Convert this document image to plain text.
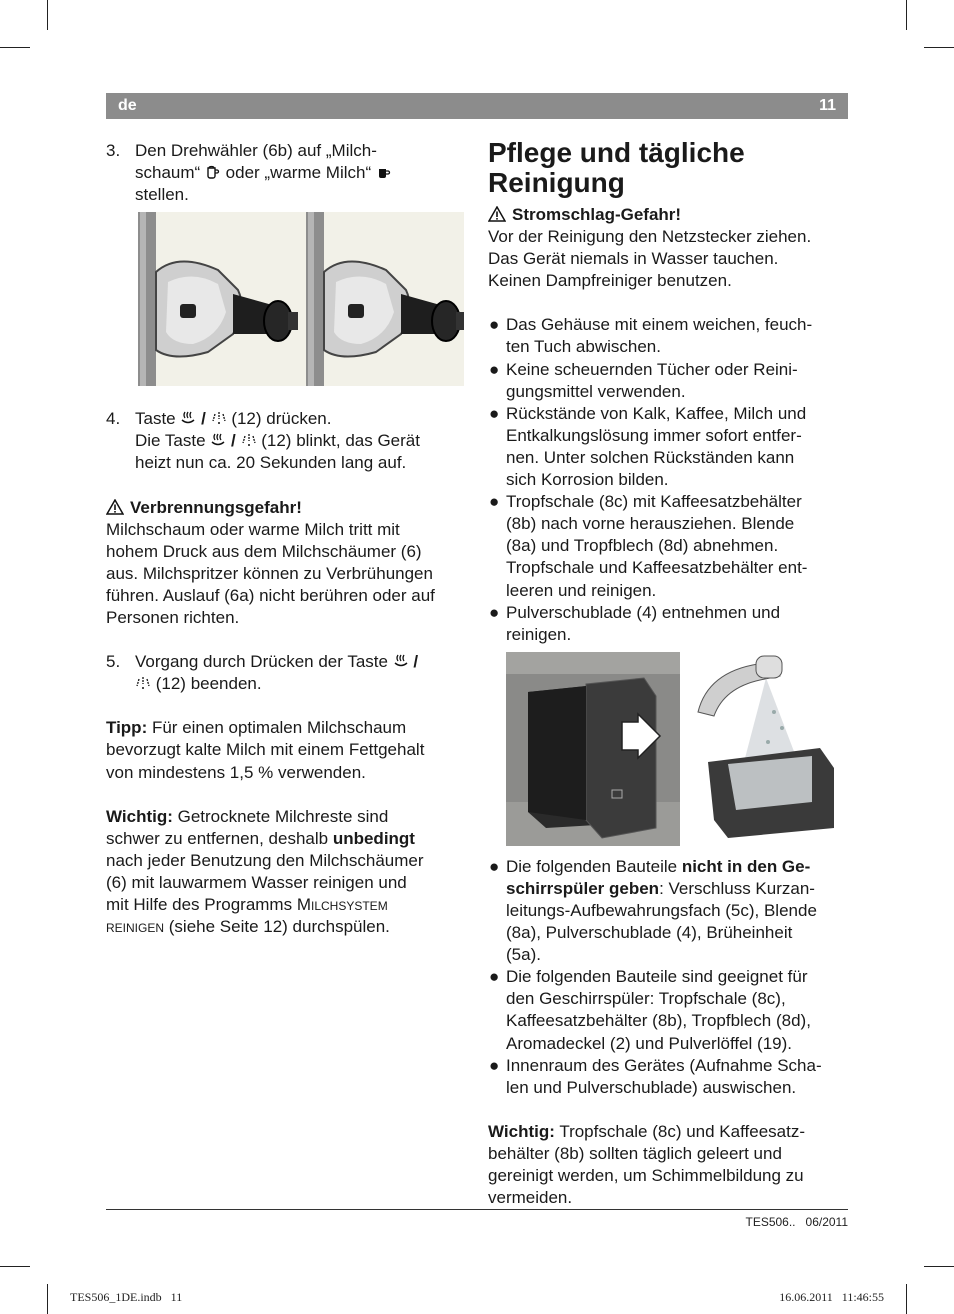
de	11
3. Den Drehwähler (6b) auf „Milch-

schaum“ oder „warme Milch“

stellen.

4. Taste / (12) drücken.

Die Taste / (12) blinkt, das Gerät

heizt nun ca. 20 Sekunden lang auf.

Verbrennungsgefahr!

Milchschaum oder warme Milch tritt mit

hohem Druck aus dem Milchschäumer (6)

aus. Milchspritzer können zu Verbrühungen

führen. Auslauf (6a) nicht berühren oder auf

Personen richten.

5. Vorgang durch Drücken der Taste /

(12) beenden.

Tipp: Für einen optimalen Milchschaum

bevorzugt kalte Milch mit einem Fettgehalt

von mindestens 1,5 % verwenden.

Wichtig: Getrocknete Milchreste sind

schwer zu entfernen, deshalb unbedingt

nach jeder Benutzung den Milchschäumer

(6) mit lauwarmem Wasser reinigen und

mit Hilfe des Programms Milchsystem

reinigen (siehe Seite 12) durchspülen.

Pflege und tägliche
Reinigung

Stromschlag-Gefahr!

Vor der Reinigung den Netzstecker ziehen.

Das Gerät niemals in Wasser tauchen.

Keinen Dampfreiniger benutzen.

● Das Gehäuse mit einem weichen, feuch-

ten Tuch abwischen.

● Keine scheuernden Tücher oder Reini-

gungsmittel verwenden.

● Rückstände von Kalk, Kaffee, Milch und

Entkalkungslösung immer sofort entfer-

nen. Unter solchen Rückständen kann

sich Korrosion bilden.

● Tropfschale (8c) mit Kaffeesatzbehälter

(8b) nach vorne herausziehen. Blende

(8a) und Tropfblech (8d) abnehmen.

Tropfschale und Kaffeesatzbehälter ent-

leeren und reinigen.

● Pulverschublade (4) entnehmen und

reinigen.

● Die folgenden Bauteile nicht in den Ge-

schirrspüler geben: Verschluss Kurzan-

leitungs-Aufbewahrungsfach (5c), Blende

(8a), Pulverschublade (4), Brüheinheit

(5a).

● Die folgenden Bauteile sind geeignet für

den Geschirrspüler: Tropfschale (8c),

Kaffeesatzbehälter (8b), Tropfblech (8d),

Aromadeckel (2) und Pulverlöffel (19).

● Innenraum des Gerätes (Aufnahme Scha-

len und Pulverschublade) auswischen.

Wichtig: Tropfschale (8c) und Kaffeesatz-

behälter (8b) sollten täglich geleert und

gereinigt werden, um Schimmelbildung zu

vermeiden.

TES506..   06/2011
TES506_1DE.indb   11	16.06.2011   11:46:55
